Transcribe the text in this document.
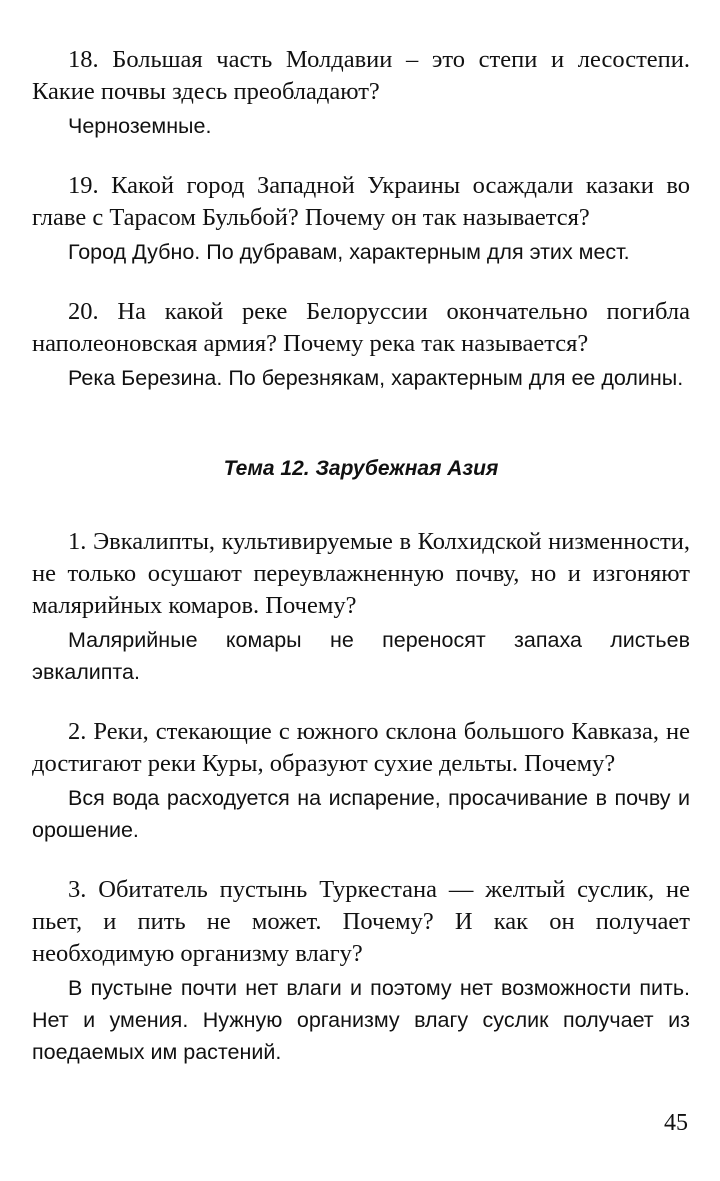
18. Большая часть Молдавии – это степи и лесостепи. Какие почвы здесь преобладают?

Черноземные.

19. Какой город Западной Украины осаждали казаки во главе с Тарасом Бульбой? Почему он так называется?

Город Дубно. По дубравам, характерным для этих мест.

20. На какой реке Белоруссии окончательно погибла наполеоновская армия? Почему река так называется?

Река Березина. По березнякам, характерным для ее долины.

Тема 12. Зарубежная Азия

1. Эвкалипты, культивируемые в Колхидской низменности, не только осушают переувлажненную почву, но и изгоняют малярийных комаров. Почему?

Малярийные комары не переносят запаха листьев эвкалипта.

2. Реки, стекающие с южного склона большого Кавказа, не достигают реки Куры, образуют сухие дельты. Почему?

Вся вода расходуется на испарение, просачивание в почву и орошение.

3. Обитатель пустынь Туркестана — желтый суслик, не пьет, и пить не может. Почему? И как он получает необходимую организму влагу?

В пустыне почти нет влаги и поэтому нет возможности пить. Нет и умения. Нужную организму влагу суслик получает из поедаемых им растений.

45
